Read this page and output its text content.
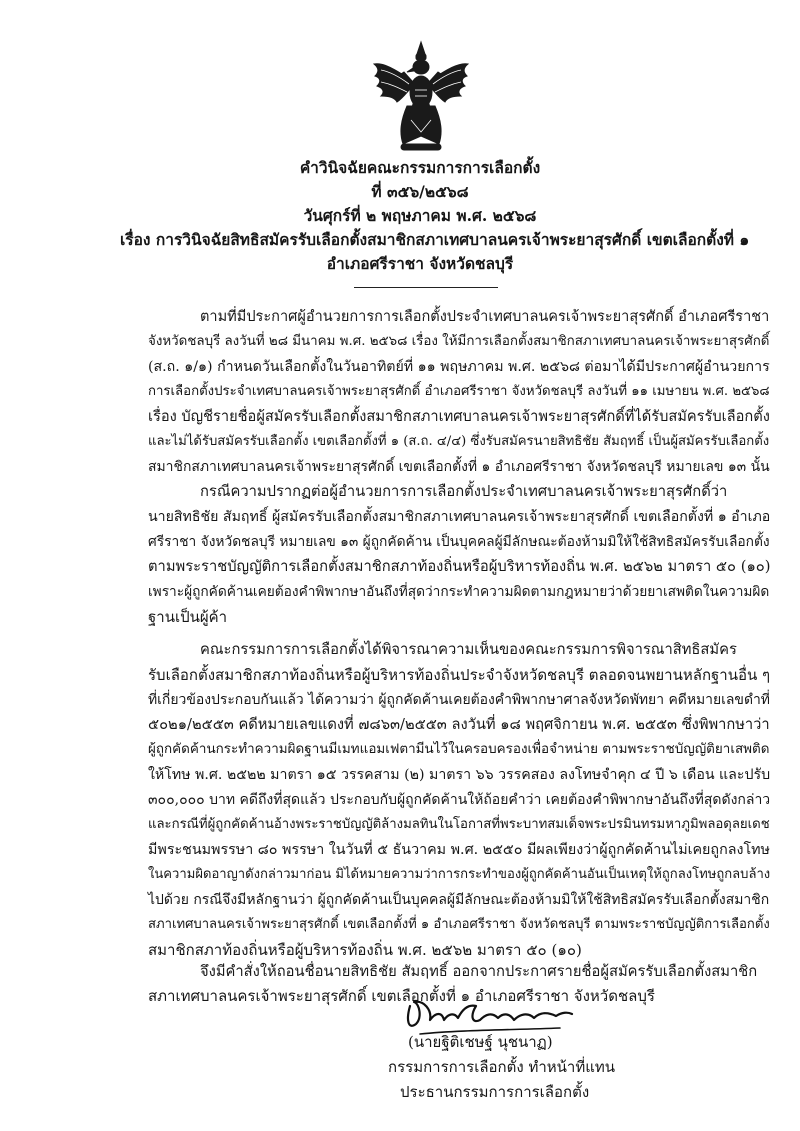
คำวินิจฉัยคณะกรรมการการเลือกตั้ง
ที่ ๓๕๖/๒๕๖๘
วันศุกร์ที่ ๒ พฤษภาคม พ.ศ. ๒๕๖๘
เรื่อง การวินิจฉัยสิทธิสมัครรับเลือกตั้งสมาชิกสภาเทศบาลนครเจ้าพระยาสุรศักดิ์ เขตเลือกตั้งที่ ๑
อำเภอศรีราชา จังหวัดชลบุรี
ตามที่มีประกาศผู้อำนวยการการเลือกตั้งประจำเทศบาลนครเจ้าพระยาสุรศักดิ์ อำเภอศรีราชา
จังหวัดชลบุรี ลงวันที่ ๒๘ มีนาคม พ.ศ. ๒๕๖๘ เรื่อง ให้มีการเลือกตั้งสมาชิกสภาเทศบาลนครเจ้าพระยาสุรศักดิ์
(ส.ถ. ๑/๑) กำหนดวันเลือกตั้งในวันอาทิตย์ที่ ๑๑ พฤษภาคม พ.ศ. ๒๕๖๘ ต่อมาได้มีประกาศผู้อำนวยการ
การเลือกตั้งประจำเทศบาลนครเจ้าพระยาสุรศักดิ์ อำเภอศรีราชา จังหวัดชลบุรี ลงวันที่ ๑๑ เมษายน พ.ศ. ๒๕๖๘
เรื่อง บัญชีรายชื่อผู้สมัครรับเลือกตั้งสมาชิกสภาเทศบาลนครเจ้าพระยาสุรศักดิ์ที่ได้รับสมัครรับเลือกตั้ง
และไม่ได้รับสมัครรับเลือกตั้ง เขตเลือกตั้งที่ ๑ (ส.ถ. ๔/๔) ซึ่งรับสมัครนายสิทธิชัย สัมฤทธิ์ เป็นผู้สมัครรับเลือกตั้ง
สมาชิกสภาเทศบาลนครเจ้าพระยาสุรศักดิ์ เขตเลือกตั้งที่ ๑ อำเภอศรีราชา จังหวัดชลบุรี หมายเลข ๑๓ นั้น
กรณีความปรากฏต่อผู้อำนวยการการเลือกตั้งประจำเทศบาลนครเจ้าพระยาสุรศักดิ์ว่า
นายสิทธิชัย สัมฤทธิ์ ผู้สมัครรับเลือกตั้งสมาชิกสภาเทศบาลนครเจ้าพระยาสุรศักดิ์ เขตเลือกตั้งที่ ๑ อำเภอ
ศรีราชา จังหวัดชลบุรี หมายเลข ๑๓ ผู้ถูกคัดค้าน เป็นบุคคลผู้มีลักษณะต้องห้ามมิให้ใช้สิทธิสมัครรับเลือกตั้ง
ตามพระราชบัญญัติการเลือกตั้งสมาชิกสภาท้องถิ่นหรือผู้บริหารท้องถิ่น พ.ศ. ๒๕๖๒ มาตรา ๕๐ (๑๐)
เพราะผู้ถูกคัดค้านเคยต้องคำพิพากษาอันถึงที่สุดว่ากระทำความผิดตามกฎหมายว่าด้วยยาเสพติดในความผิด
ฐานเป็นผู้ค้า
คณะกรรมการการเลือกตั้งได้พิจารณาความเห็นของคณะกรรมการพิจารณาสิทธิสมัคร
รับเลือกตั้งสมาชิกสภาท้องถิ่นหรือผู้บริหารท้องถิ่นประจำจังหวัดชลบุรี ตลอดจนพยานหลักฐานอื่น ๆ
ที่เกี่ยวข้องประกอบกันแล้ว ได้ความว่า ผู้ถูกคัดค้านเคยต้องคำพิพากษาศาลจังหวัดพัทยา คดีหมายเลขดำที่
๕๐๒๑/๒๕๕๓ คดีหมายเลขแดงที่ ๗๘๖๓/๒๕๕๓ ลงวันที่ ๑๘ พฤศจิกายน พ.ศ. ๒๕๕๓ ซึ่งพิพากษาว่า
ผู้ถูกคัดค้านกระทำความผิดฐานมีเมทแอมเฟตามีนไว้ในครอบครองเพื่อจำหน่าย ตามพระราชบัญญัติยาเสพติด
ให้โทษ พ.ศ. ๒๕๒๒ มาตรา ๑๕ วรรคสาม (๒) มาตรา ๖๖ วรรคสอง ลงโทษจำคุก ๔ ปี ๖ เดือน และปรับ
๓๐๐,๐๐๐ บาท คดีถึงที่สุดแล้ว ประกอบกับผู้ถูกคัดค้านให้ถ้อยคำว่า เคยต้องคำพิพากษาอันถึงที่สุดดังกล่าว
และกรณีที่ผู้ถูกคัดค้านอ้างพระราชบัญญัติล้างมลทินในโอกาสที่พระบาทสมเด็จพระปรมินทรมหาภูมิพลอดุลยเดช
มีพระชนมพรรษา ๘๐ พรรษา ในวันที่ ๕ ธันวาคม พ.ศ. ๒๕๕๐ มีผลเพียงว่าผู้ถูกคัดค้านไม่เคยถูกลงโทษ
ในความผิดอาญาดังกล่าวมาก่อน มิได้หมายความว่าการกระทำของผู้ถูกคัดค้านอันเป็นเหตุให้ถูกลงโทษถูกลบล้าง
ไปด้วย กรณีจึงมีหลักฐานว่า ผู้ถูกคัดค้านเป็นบุคคลผู้มีลักษณะต้องห้ามมิให้ใช้สิทธิสมัครรับเลือกตั้งสมาชิก
สภาเทศบาลนครเจ้าพระยาสุรศักดิ์ เขตเลือกตั้งที่ ๑ อำเภอศรีราชา จังหวัดชลบุรี ตามพระราชบัญญัติการเลือกตั้ง
สมาชิกสภาท้องถิ่นหรือผู้บริหารท้องถิ่น พ.ศ. ๒๕๖๒ มาตรา ๕๐ (๑๐)
จึงมีคำสั่งให้ถอนชื่อนายสิทธิชัย สัมฤทธิ์ ออกจากประกาศรายชื่อผู้สมัครรับเลือกตั้งสมาชิก
สภาเทศบาลนครเจ้าพระยาสุรศักดิ์ เขตเลือกตั้งที่ ๑ อำเภอศรีราชา จังหวัดชลบุรี
(นายฐิติเชษฐ์ นุชนาฏ)
กรรมการการเลือกตั้ง ทำหน้าที่แทน
ประธานกรรมการการเลือกตั้ง
